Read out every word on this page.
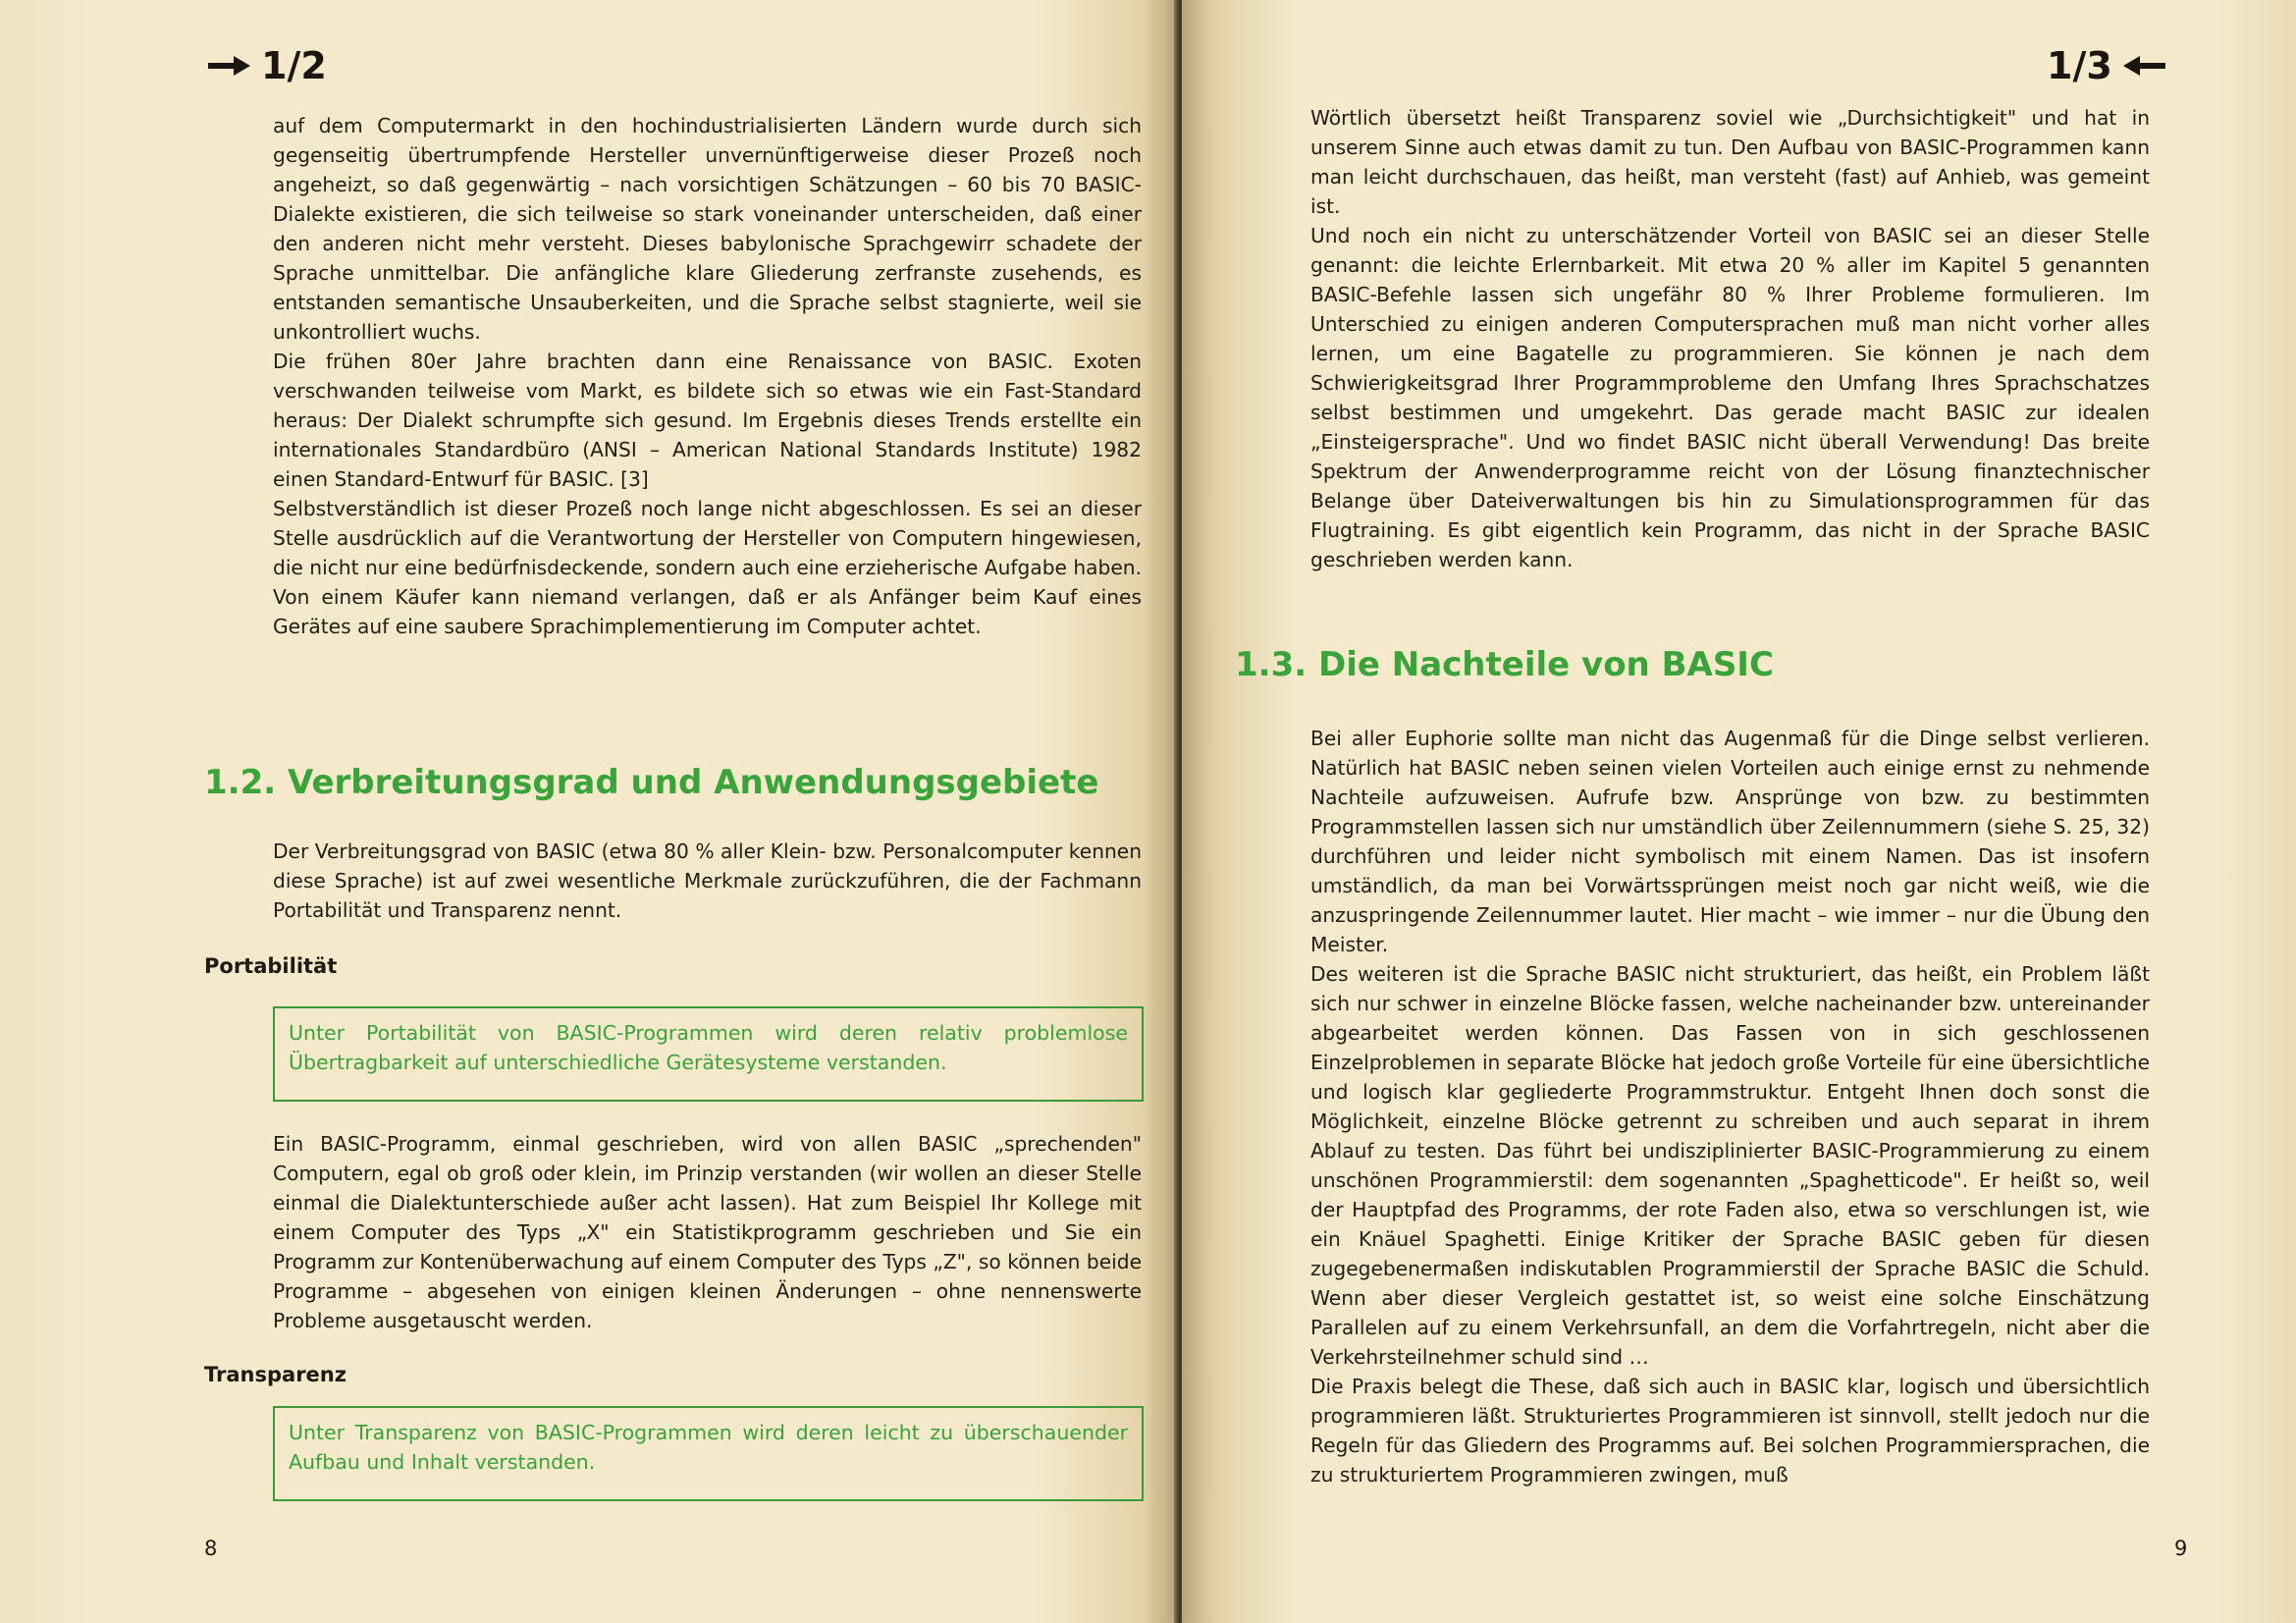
1/2

auf dem Computermarkt in den hochindustrialisierten Ländern wurde durch sich gegenseitig übertrumpfende Hersteller unvernünftigerweise dieser Prozeß noch angeheizt, so daß gegenwärtig – nach vorsichtigen Schätzungen – 60 bis 70 BASIC-Dialekte existieren, die sich teilweise so stark voneinander unterscheiden, daß einer den anderen nicht mehr versteht. Dieses babylonische Sprachgewirr schadete der Sprache unmittelbar. Die anfängliche klare Gliederung zerfranste zusehends, es entstanden semantische Unsauberkeiten, und die Sprache selbst stagnierte, weil sie unkontrolliert wuchs.

Die frühen 80er Jahre brachten dann eine Renaissance von BASIC. Exoten verschwanden teilweise vom Markt, es bildete sich so etwas wie ein Fast-Standard heraus: Der Dialekt schrumpfte sich gesund. Im Ergebnis dieses Trends erstellte ein internationales Standardbüro (ANSI – American National Standards Institute) 1982 einen Standard-Entwurf für BASIC. [3]

Selbstverständlich ist dieser Prozeß noch lange nicht abgeschlossen. Es sei an dieser Stelle ausdrücklich auf die Verantwortung der Hersteller von Computern hingewiesen, die nicht nur eine bedürfnisdeckende, sondern auch eine erzieherische Aufgabe haben. Von einem Käufer kann niemand verlangen, daß er als Anfänger beim Kauf eines Gerätes auf eine saubere Sprachimplementierung im Computer achtet.

1.2. Verbreitungsgrad und Anwendungsgebiete
Der Verbreitungsgrad von BASIC (etwa 80 % aller Klein- bzw. Personalcomputer kennen diese Sprache) ist auf zwei wesentliche Merkmale zurückzuführen, die der Fachmann Portabilität und Transparenz nennt.
Portabilität
Unter Portabilität von BASIC-Programmen wird deren relativ problemlose Übertragbarkeit auf unterschiedliche Gerätesysteme verstanden.
Ein BASIC-Programm, einmal geschrieben, wird von allen BASIC „sprechenden" Computern, egal ob groß oder klein, im Prinzip verstanden (wir wollen an dieser Stelle einmal die Dialektunterschiede außer acht lassen). Hat zum Beispiel Ihr Kollege mit einem Computer des Typs „X" ein Statistikprogramm geschrieben und Sie ein Programm zur Kontenüberwachung auf einem Computer des Typs „Z", so können beide Programme – abgesehen von einigen kleinen Änderungen – ohne nennenswerte Probleme ausgetauscht werden.
Transparenz
Unter Transparenz von BASIC-Programmen wird deren leicht zu überschauender Aufbau und Inhalt verstanden.
8
1/3

Wörtlich übersetzt heißt Transparenz soviel wie „Durchsichtigkeit" und hat in unserem Sinne auch etwas damit zu tun. Den Aufbau von BASIC-Programmen kann man leicht durchschauen, das heißt, man versteht (fast) auf Anhieb, was gemeint ist.

Und noch ein nicht zu unterschätzender Vorteil von BASIC sei an dieser Stelle genannt: die leichte Erlernbarkeit. Mit etwa 20 % aller im Kapitel 5 genannten BASIC-Befehle lassen sich ungefähr 80 % Ihrer Probleme formulieren. Im Unterschied zu einigen anderen Computersprachen muß man nicht vorher alles lernen, um eine Bagatelle zu programmieren. Sie können je nach dem Schwierigkeitsgrad Ihrer Programmprobleme den Umfang Ihres Sprachschatzes selbst bestimmen und umgekehrt. Das gerade macht BASIC zur idealen „Einsteigersprache". Und wo findet BASIC nicht überall Verwendung! Das breite Spektrum der Anwenderprogramme reicht von der Lösung finanztechnischer Belange über Dateiverwaltungen bis hin zu Simulationsprogrammen für das Flugtraining. Es gibt eigentlich kein Programm, das nicht in der Sprache BASIC geschrieben werden kann.

1.3. Die Nachteile von BASIC

Bei aller Euphorie sollte man nicht das Augenmaß für die Dinge selbst verlieren. Natürlich hat BASIC neben seinen vielen Vorteilen auch einige ernst zu nehmende Nachteile aufzuweisen. Aufrufe bzw. Ansprünge von bzw. zu bestimmten Programmstellen lassen sich nur umständlich über Zeilennummern (siehe S. 25, 32) durchführen und leider nicht symbolisch mit einem Namen. Das ist insofern umständlich, da man bei Vorwärtssprüngen meist noch gar nicht weiß, wie die anzuspringende Zeilennummer lautet. Hier macht – wie immer – nur die Übung den Meister.

Des weiteren ist die Sprache BASIC nicht strukturiert, das heißt, ein Problem läßt sich nur schwer in einzelne Blöcke fassen, welche nacheinander bzw. untereinander abgearbeitet werden können. Das Fassen von in sich geschlossenen Einzelproblemen in separate Blöcke hat jedoch große Vorteile für eine übersichtliche und logisch klar gegliederte Programmstruktur. Entgeht Ihnen doch sonst die Möglichkeit, einzelne Blöcke getrennt zu schreiben und auch separat in ihrem Ablauf zu testen. Das führt bei undisziplinierter BASIC-Programmierung zu einem unschönen Programmierstil: dem sogenannten „Spaghetticode". Er heißt so, weil der Hauptpfad des Programms, der rote Faden also, etwa so verschlungen ist, wie ein Knäuel Spaghetti. Einige Kritiker der Sprache BASIC geben für diesen zugegebenermaßen indiskutablen Programmierstil der Sprache BASIC die Schuld. Wenn aber dieser Vergleich gestattet ist, so weist eine solche Einschätzung Parallelen auf zu einem Verkehrsunfall, an dem die Vorfahrtregeln, nicht aber die Verkehrsteilnehmer schuld sind …

Die Praxis belegt die These, daß sich auch in BASIC klar, logisch und übersichtlich programmieren läßt. Strukturiertes Programmieren ist sinnvoll, stellt jedoch nur die Regeln für das Gliedern des Programms auf. Bei solchen Programmiersprachen, die zu strukturiertem Programmieren zwingen, muß

9
